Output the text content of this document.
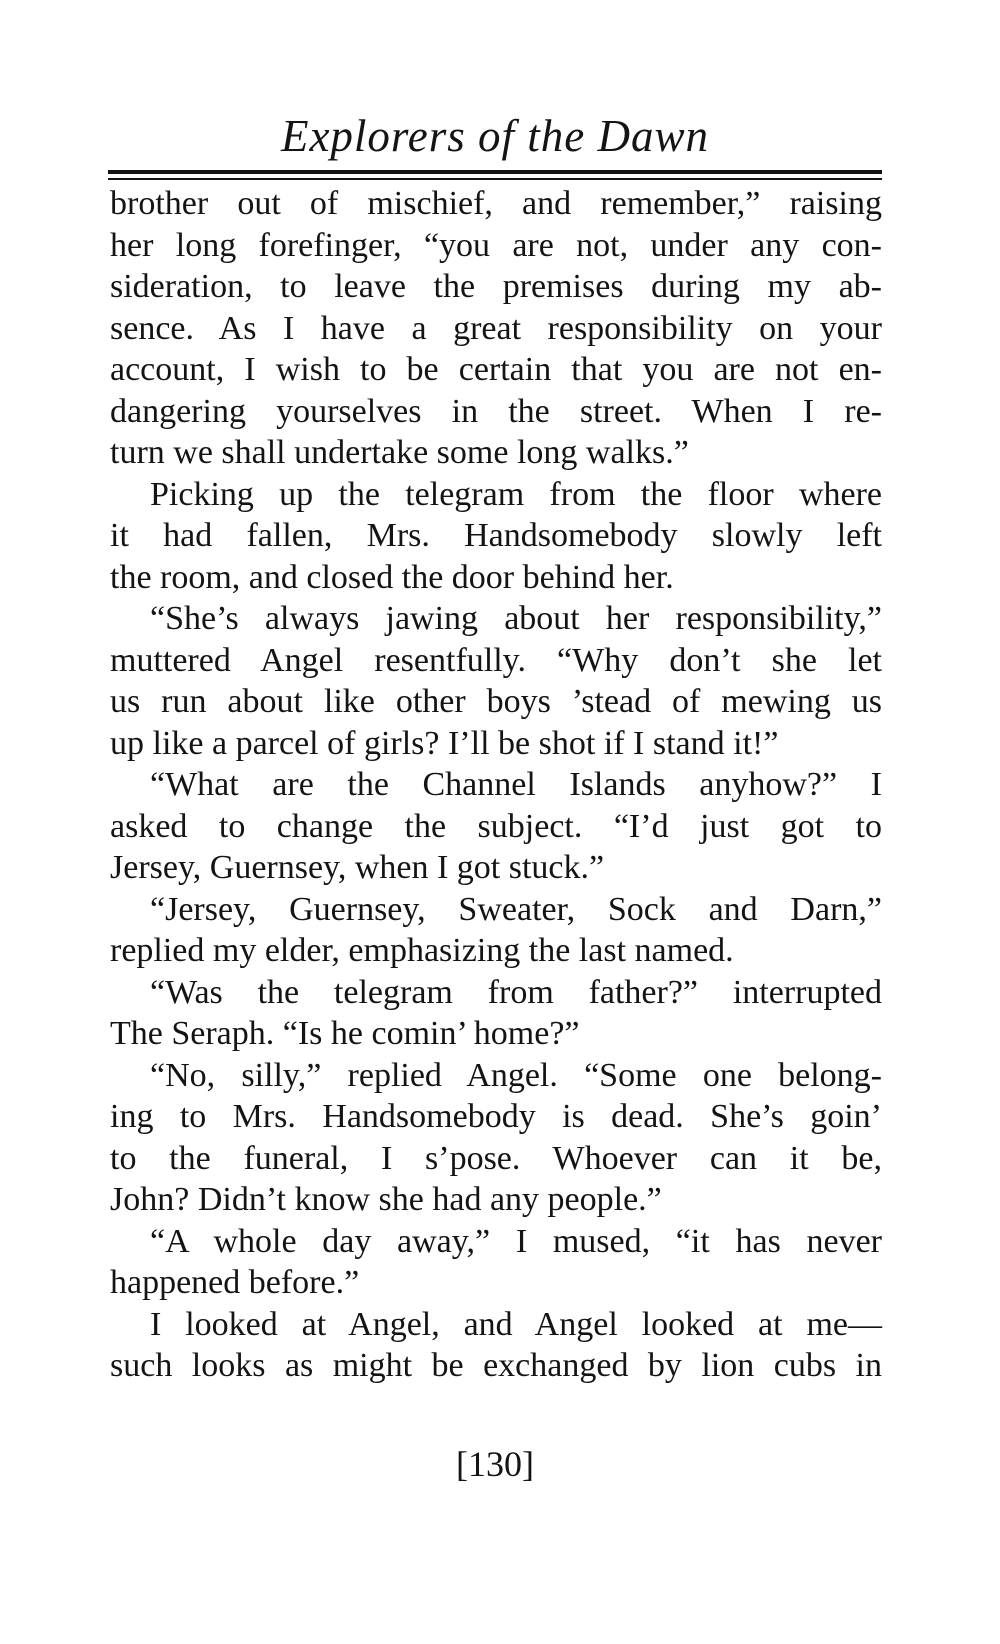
Explorers of the Dawn
brother out of mischief, and remember,” raising
her long forefinger, “you are not, under any con-
sideration, to leave the premises during my ab-
sence. As I have a great responsibility on your
account, I wish to be certain that you are not en-
dangering yourselves in the street. When I re-
turn we shall undertake some long walks.”
Picking up the telegram from the floor where
it had fallen, Mrs. Handsomebody slowly left
the room, and closed the door behind her.
“She’s always jawing about her responsibility,”
muttered Angel resentfully. “Why don’t she let
us run about like other boys ’stead of mewing us
up like a parcel of girls? I’ll be shot if I stand it!”
“What are the Channel Islands anyhow?” I
asked to change the subject. “I’d just got to
Jersey, Guernsey, when I got stuck.”
“Jersey, Guernsey, Sweater, Sock and Darn,”
replied my elder, emphasizing the last named.
“Was the telegram from father?” interrupted
The Seraph. “Is he comin’ home?”
“No, silly,” replied Angel. “Some one belong-
ing to Mrs. Handsomebody is dead. She’s goin’
to the funeral, I s’pose. Whoever can it be,
John? Didn’t know she had any people.”
“A whole day away,” I mused, “it has never
happened before.”
I looked at Angel, and Angel looked at me—
such looks as might be exchanged by lion cubs in
[130]
